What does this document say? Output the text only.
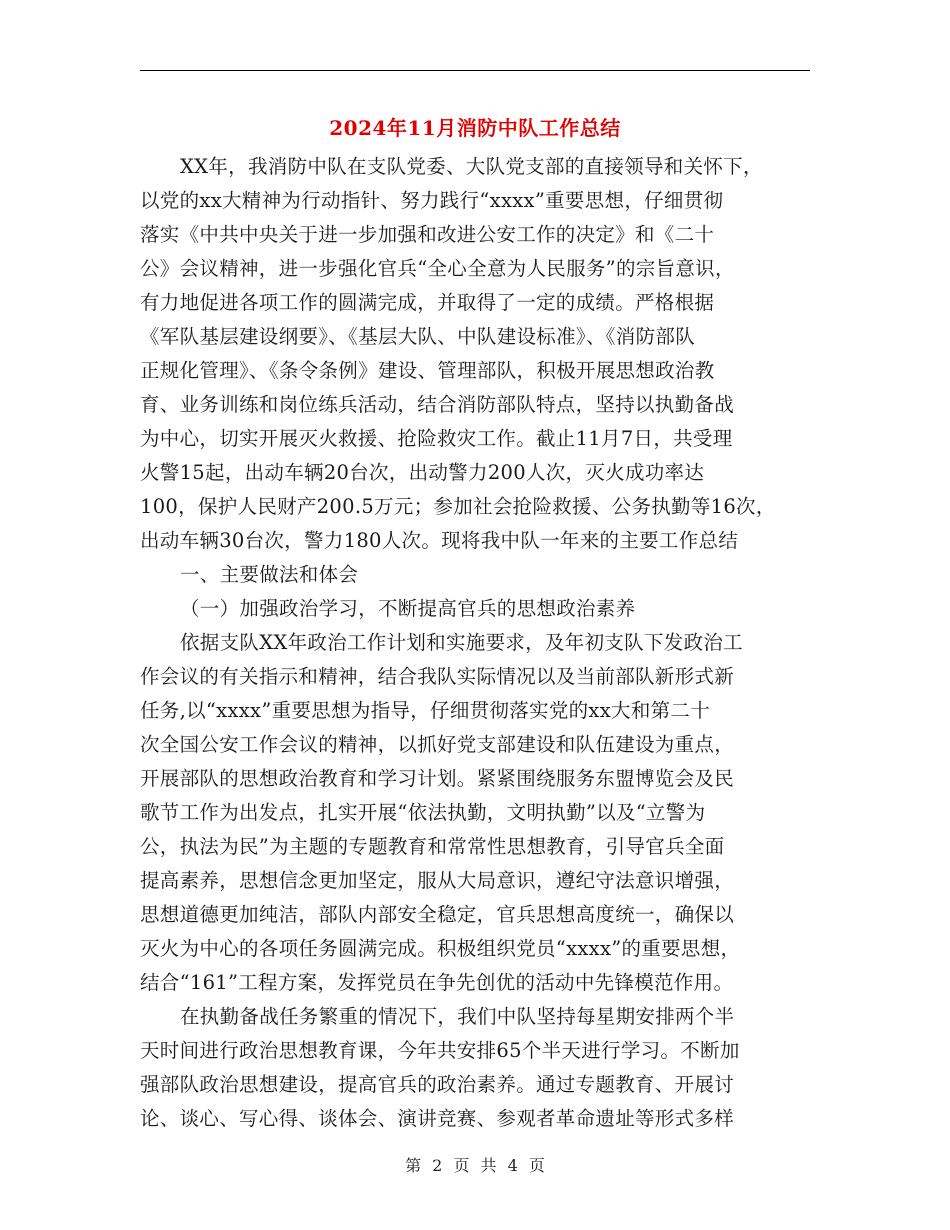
2024年11月消防中队工作总结
XX年，我消防中队在支队党委、大队党支部的直接领导和关怀下，
以党的xx大精神为行动指针、努力践行“xxxx”重要思想，仔细贯彻
落实《中共中央关于进一步加强和改进公安工作的决定》和《二十
公》会议精神，进一步强化官兵“全心全意为人民服务”的宗旨意识，
有力地促进各项工作的圆满完成，并取得了一定的成绩。严格根据
《军队基层建设纲要》、《基层大队、中队建设标准》、《消防部队
正规化管理》、《条令条例》建设、管理部队，积极开展思想政治教
育、业务训练和岗位练兵活动，结合消防部队特点，坚持以执勤备战
为中心，切实开展灭火救援、抢险救灾工作。截止11月7日，共受理
火警15起，出动车辆20台次，出动警力200人次，灭火成功率达
100，保护人民财产200.5万元；参加社会抢险救援、公务执勤等16次，
出动车辆30台次，警力180人次。现将我中队一年来的主要工作总结
一、主要做法和体会
（一）加强政治学习，不断提高官兵的思想政治素养
依据支队XX年政治工作计划和实施要求，及年初支队下发政治工
作会议的有关指示和精神，结合我队实际情况以及当前部队新形式新
任务,以“xxxx”重要思想为指导，仔细贯彻落实党的xx大和第二十
次全国公安工作会议的精神，以抓好党支部建设和队伍建设为重点，
开展部队的思想政治教育和学习计划。紧紧围绕服务东盟博览会及民
歌节工作为出发点，扎实开展“依法执勤，文明执勤”以及“立警为
公，执法为民”为主题的专题教育和常常性思想教育，引导官兵全面
提高素养，思想信念更加坚定，服从大局意识，遵纪守法意识增强，
思想道德更加纯洁，部队内部安全稳定，官兵思想高度统一，确保以
灭火为中心的各项任务圆满完成。积极组织党员“xxxx”的重要思想，
结合“161”工程方案，发挥党员在争先创优的活动中先锋模范作用。
在执勤备战任务繁重的情况下，我们中队坚持每星期安排两个半
天时间进行政治思想教育课，今年共安排65个半天进行学习。不断加
强部队政治思想建设，提高官兵的政治素养。通过专题教育、开展讨
论、谈心、写心得、谈体会、演讲竞赛、参观者革命遗址等形式多样
第 2 页 共 4 页
